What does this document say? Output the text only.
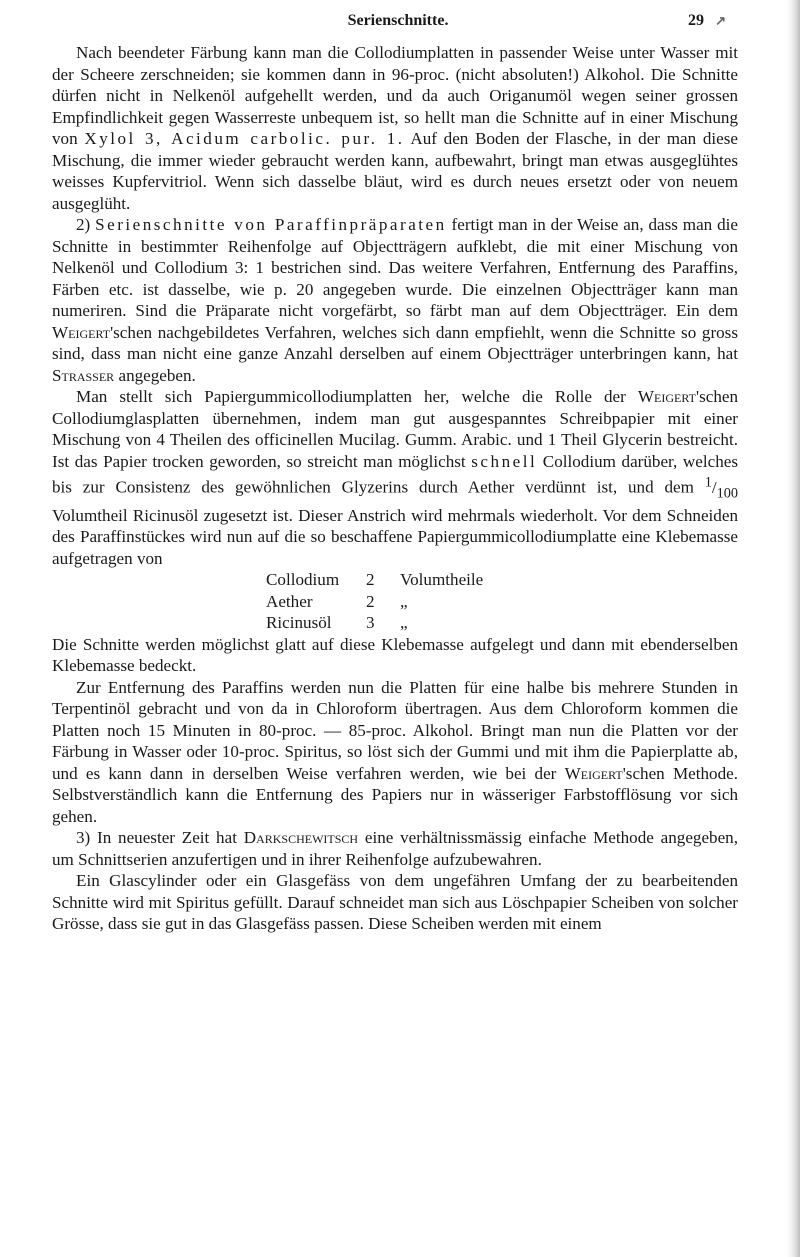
Serienschnitte.	29 ↗

Nach beendeter Färbung kann man die Collodiumplatten in passender Weise unter Wasser mit der Scheere zerschneiden; sie kommen dann in 96-proc. (nicht absoluten!) Alkohol. Die Schnitte dürfen nicht in Nelkenöl aufgehellt werden, und da auch Origanumöl wegen seiner grossen Empfindlichkeit gegen Wasserreste unbequem ist, so hellt man die Schnitte auf in einer Mischung von Xylol 3, Acidum carbolic. pur. 1. Auf den Boden der Flasche, in der man diese Mischung, die immer wieder gebraucht werden kann, aufbewahrt, bringt man etwas ausgeglühtes weisses Kupfervitriol. Wenn sich dasselbe bläut, wird es durch neues ersetzt oder von neuem ausgeglüht.

2) Serienschnitte von Paraffinpräparaten fertigt man in der Weise an, dass man die Schnitte in bestimmter Reihenfolge auf Objectträgern aufklebt, die mit einer Mischung von Nelkenöl und Collodium 3: 1 bestrichen sind. Das weitere Verfahren, Entfernung des Paraffins, Färben etc. ist dasselbe, wie p. 20 angegeben wurde. Die einzelnen Objectträger kann man numeriren. Sind die Präparate nicht vorgefärbt, so färbt man auf dem Objectträger. Ein dem Weigert'schen nachgebildetes Verfahren, welches sich dann empfiehlt, wenn die Schnitte so gross sind, dass man nicht eine ganze Anzahl derselben auf einem Objectträger unterbringen kann, hat Strasser angegeben.

Man stellt sich Papiergummicollodiumplatten her, welche die Rolle der Weigert'schen Collodiumglasplatten übernehmen, indem man gut ausgespanntes Schreibpapier mit einer Mischung von 4 Theilen des officinellen Mucilag. Gumm. Arabic. und 1 Theil Glycerin bestreicht. Ist das Papier trocken geworden, so streicht man möglichst schnell Collodium darüber, welches bis zur Consistenz des gewöhnlichen Glyzerins durch Aether verdünnt ist, und dem $^1/_{100}$ Volumtheil Ricinusöl zugesetzt ist. Dieser Anstrich wird mehrmals wiederholt. Vor dem Schneiden des Paraffinstückes wird nun auf die so beschaffene Papiergummicollodiumplatte eine Klebemasse aufgetragen von

Collodium	2	Volumtheile
Aether	2	„
Ricinusöl	3	„

Die Schnitte werden möglichst glatt auf diese Klebemasse aufgelegt und dann mit ebenderselben Klebemasse bedeckt.

Zur Entfernung des Paraffins werden nun die Platten für eine halbe bis mehrere Stunden in Terpentinöl gebracht und von da in Chloroform übertragen. Aus dem Chloroform kommen die Platten noch 15 Minuten in 80-proc. — 85-proc. Alkohol. Bringt man nun die Platten vor der Färbung in Wasser oder 10-proc. Spiritus, so löst sich der Gummi und mit ihm die Papierplatte ab, und es kann dann in derselben Weise verfahren werden, wie bei der Weigert'schen Methode. Selbstverständlich kann die Entfernung des Papiers nur in wässeriger Farbstofflösung vor sich gehen.

3) In neuester Zeit hat Darkschewitsch eine verhältnissmässig einfache Methode angegeben, um Schnittserien anzufertigen und in ihrer Reihenfolge aufzubewahren.

Ein Glascylinder oder ein Glasgefäss von dem ungefähren Umfang der zu bearbeitenden Schnitte wird mit Spiritus gefüllt. Darauf schneidet man sich aus Löschpapier Scheiben von solcher Grösse, dass sie gut in das Glasgefäss passen. Diese Scheiben werden mit einem
